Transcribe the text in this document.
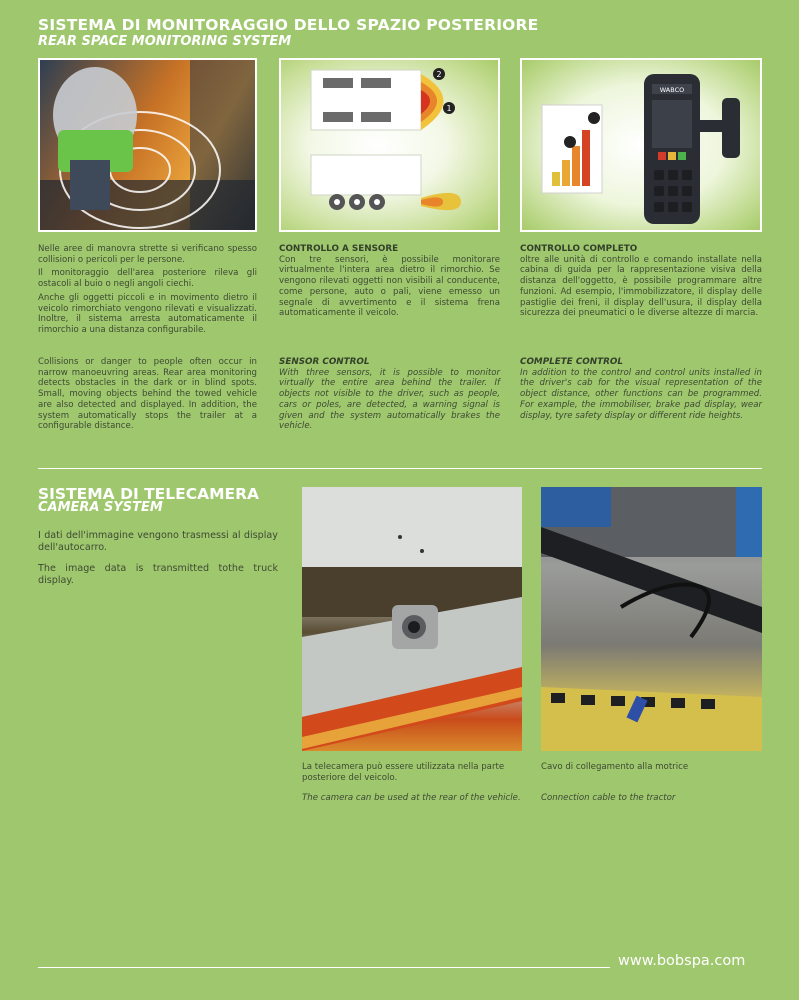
SISTEMA DI MONITORAGGIO DELLO SPAZIO POSTERIORE
REAR SPACE MONITORING SYSTEM
1
2
WABCO

Nelle aree di manovra strette si verificano spesso collisioni o pericoli per le persone.

Il monitoraggio dell'area posteriore rileva gli ostacoli al buio o negli angoli ciechi.

Anche gli oggetti piccoli e in movimento dietro il veicolo rimorchiato vengono rilevati e visualizzati. Inoltre, il sistema arresta automaticamente il rimorchio a una distanza configurabile.

Collisions or danger to people often occur in narrow manoeuvring areas. Rear area monitoring detects obstacles in the dark or in blind spots. Small, moving objects behind the towed vehicle are also detected and displayed. In addition, the system automatically stops the trailer at a configurable distance.
CONTROLLO A SENSORE
Con tre sensori, è possibile monitorare virtualmente l'intera area dietro il rimorchio. Se vengono rilevati oggetti non visibili al conducente, come persone, auto o pali, viene emesso un segnale di avvertimento e il sistema frena automaticamente il veicolo.
SENSOR CONTROL
With three sensors, it is possible to monitor virtually the entire area behind the trailer. If objects not visible to the driver, such as people, cars or poles, are detected, a warning signal is given and the system automatically brakes the vehicle.
CONTROLLO COMPLETO
oltre alle unità di controllo e comando installate nella cabina di guida per la rappresentazione visiva della distanza dell'oggetto, è possibile programmare altre funzioni. Ad esempio, l'immobilizzatore, il display delle pastiglie dei freni, il display dell'usura, il display della sicurezza dei pneumatici o le diverse altezze di marcia.
COMPLETE CONTROL
In addition to the control and control units installed in the driver's cab for the visual representation of the object distance, other functions can be programmed. For example, the immobiliser, brake pad display, wear display, tyre safety display or different ride heights.
SISTEMA DI TELECAMERA
CAMERA SYSTEM
I dati dell'immagine vengono trasmessi al display dell'autocarro.
The image data is transmitted tothe truck display.
La telecamera può essere utilizzata nella parte posteriore del veicolo.
The camera can be used at the rear of the vehicle.
Cavo di collegamento alla motrice
Connection cable to the tractor
www.bobspa.com
